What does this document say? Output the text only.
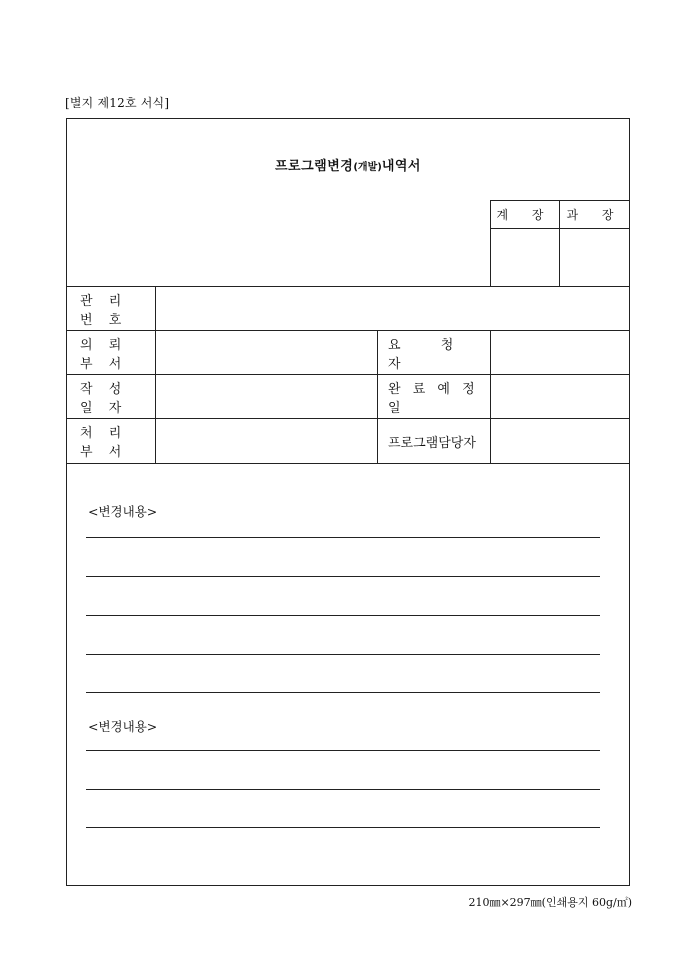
[별지 제12호 서식]
프로그램변경(개발)내역서
계 장	과 장
관 리 번 호
의 뢰 부 서
요 청 자
작 성 일 자
완 료 예 정 일
처 리 부 서
프로그램담당자
<변경내용>
<변경내용>
210㎜×297㎜(인쇄용지 60g/㎡)
